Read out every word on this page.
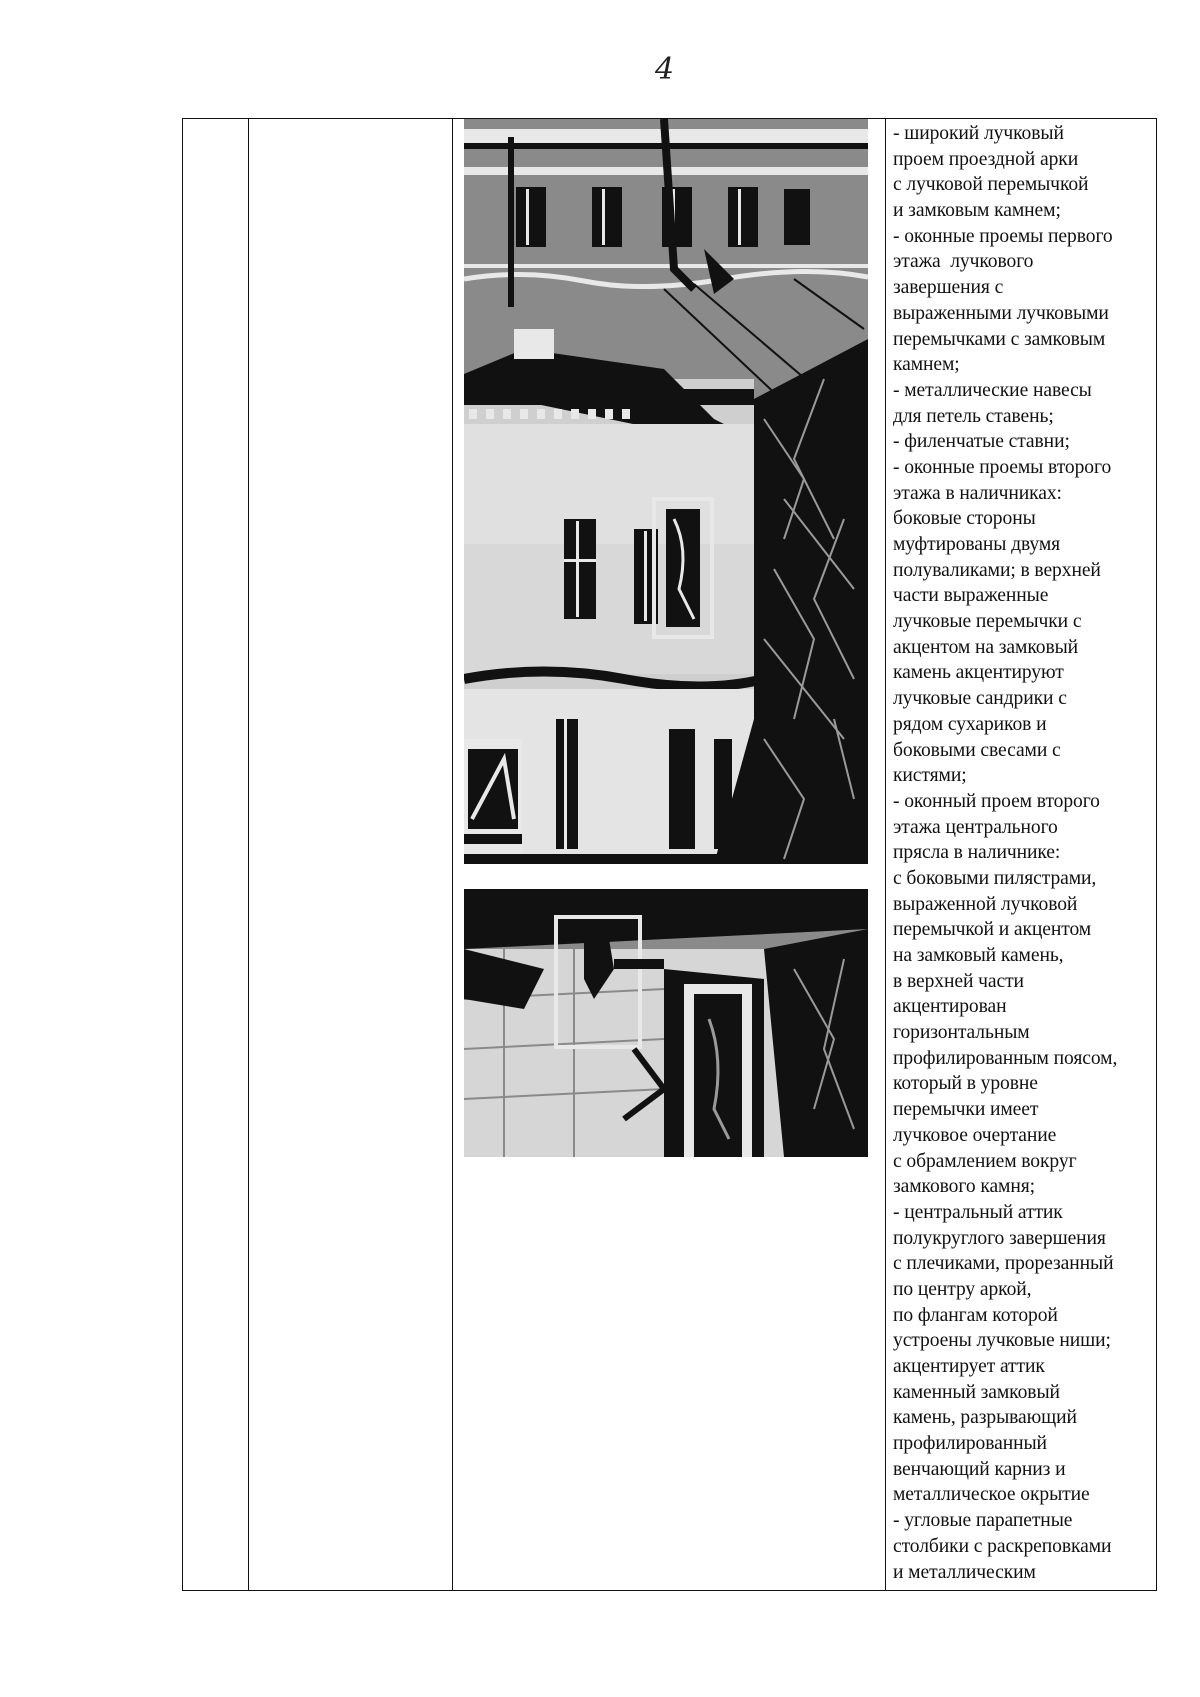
4
- широкий лучковый
проем проездной арки
с лучковой перемычкой
и замковым камнем;
- оконные проемы первого
этажа  лучкового
завершения с
выраженными лучковыми
перемычками с замковым
камнем;
- металлические навесы
для петель ставень;
- филенчатые ставни;
- оконные проемы второго
этажа в наличниках:
боковые стороны
муфтированы двумя
полуваликами; в верхней
части выраженные
лучковые перемычки с
акцентом на замковый
камень акцентируют
лучковые сандрики с
рядом сухариков и
боковыми свесами с
кистями;
- оконный проем второго
этажа центрального
прясла в наличнике:
с боковыми пилястрами,
выраженной лучковой
перемычкой и акцентом
на замковый камень,
в верхней части
акцентирован
горизонтальным
профилированным поясом,
который в уровне
перемычки имеет
лучковое очертание
с обрамлением вокруг
замкового камня;
- центральный аттик
полукруглого завершения
с плечиками, прорезанный
по центру аркой,
по флангам которой
устроены лучковые ниши;
акцентирует аттик
каменный замковый
камень, разрывающий
профилированный
венчающий карниз и
металлическое окрытие
- угловые парапетные
столбики с раскреповками
и металлическим
